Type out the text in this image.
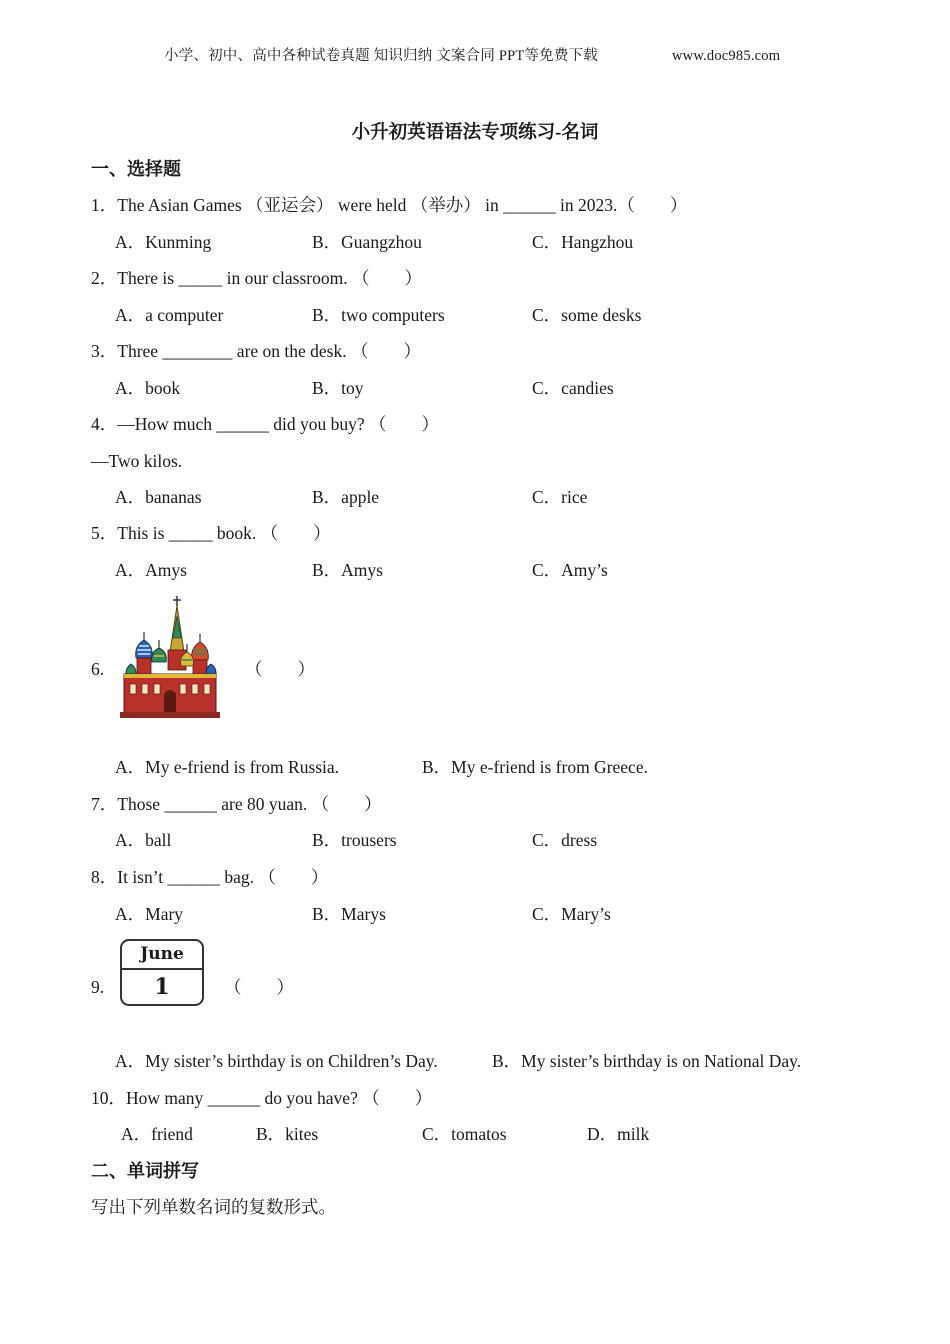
小学、初中、高中各种试卷真题 知识归纳 文案合同 PPT等免费下载	www.doc985.com
小升初英语语法专项练习-名词
一、选择题
1．The Asian Games （亚运会） were held （举办） in ______ in 2023.（　　）
A．Kunming	B．Guangzhou	C．Hangzhou
2．There is _____ in our classroom. （　　）
A．a computer	B．two computers	C．some desks
3．Three ________ are on the desk. （　　）
A．book	B．toy	C．candies
4．—How much ______ did you buy? （　　）
—Two kilos.
A．bananas	B．apple	C．rice
5．This is _____ book. （　　）
A．Amys	B．Amys	C．Amy’s
6.	（　　）
A．My e-friend is from Russia.	B．My e-friend is from Greece.
7．Those ______ are 80 yuan. （　　）
A．ball	B．trousers	C．dress
8．It isn’t ______ bag. （　　）
A．Mary	B．Marys	C．Mary’s
9.
June
1	（　　）
A．My sister’s birthday is on Children’s Day.	B．My sister’s birthday is on National Day.
10．How many ______ do you have? （　　）
A．friend	B．kites	C．tomatos	D．milk
二、单词拼写
写出下列单数名词的复数形式。
